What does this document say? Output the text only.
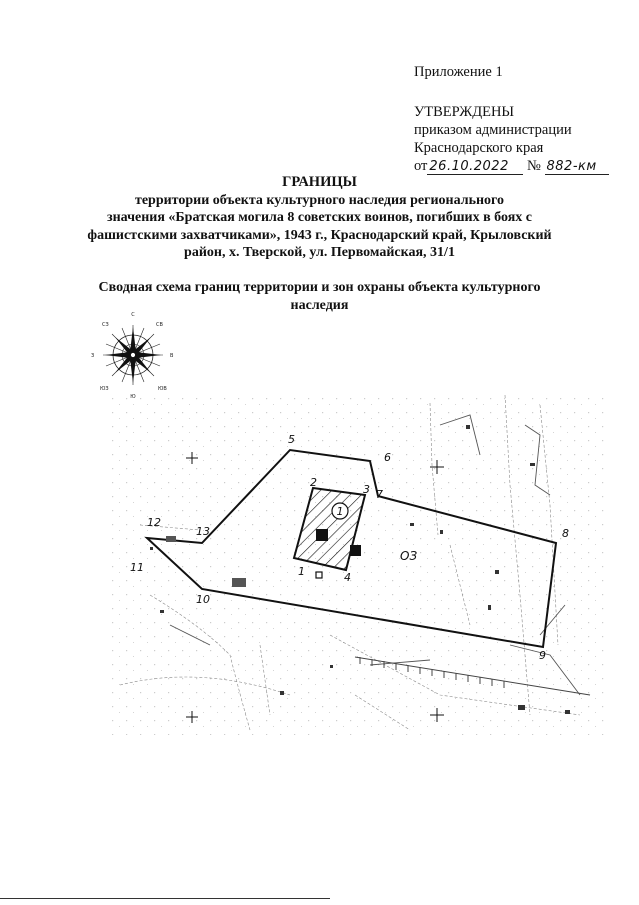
Приложение 1
УТВЕРЖДЕНЫ
приказом администрации
Краснодарского края
от 26.10.2022 № 882-км
ГРАНИЦЫ
территории объекта культурного наследия регионального
значения «Братская могила 8 советских воинов, погибших в боях с
фашистскими захватчиками», 1943 г., Краснодарский край, Крыловский
район, х. Тверской, ул. Первомайская, 31/1
Сводная схема границ территории и зон охраны объекта культурного
наследия
С
З	В
СЗ	СВ
ЮЗ	ЮВ
1
ОЗ
1
2
3
4
5
6
7
8
9
10
11
12
13
